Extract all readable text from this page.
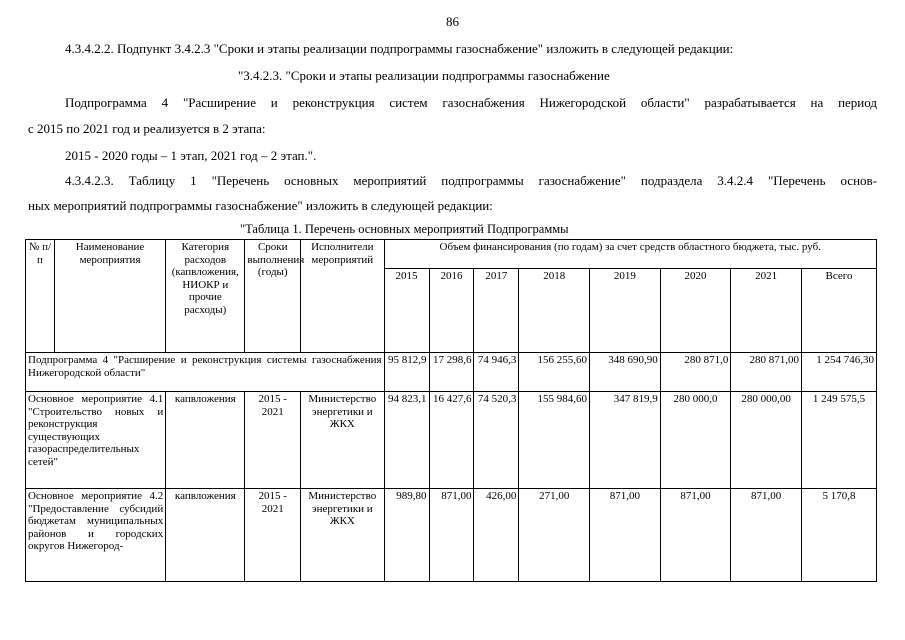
86
4.3.4.2.2. Подпункт 3.4.2.3 "Сроки и этапы реализации подпрограммы газоснабжение" изложить в следующей редакции:
"3.4.2.3. "Сроки и этапы реализации подпрограммы газоснабжение
Подпрограмма 4 "Расширение и реконструкция систем газоснабжения Нижегородской области" разрабатывается на период
с 2015 по 2021 год и реализуется в 2 этапа:
2015 - 2020 годы – 1 этап, 2021 год – 2 этап.".
4.3.4.2.3. Таблицу 1 "Перечень основных мероприятий подпрограммы газоснабжение" подраздела 3.4.2.4 "Перечень основ-
ных мероприятий подпрограммы газоснабжение" изложить в следующей редакции:
"Таблица 1. Перечень основных мероприятий Подпрограммы
№ п/п	Наименование мероприятия	Категория расходов (капвложения, НИОКР и прочие расходы)	Сроки выполнения (годы)	Исполнители мероприятий	Объем финансирования (по годам) за счет средств областного бюджета, тыс. руб.							
					2015	2016	2017	2018	2019	2020	2021	Всего
Подпрограмма 4 "Расширение и реконструкция системы газоснабжения Нижегородской области"					95 812,9	17 298,6	74 946,3	156 255,60	348 690,90	280 871,0	280 871,00	1 254 746,30
Основное мероприятие 4.1 "Строительство новых и реконструкция существующих газораспределительных сетей"		капвложения	2015 - 2021	Министерство энергетики и ЖКХ	94 823,1	16 427,6	74 520,3	155 984,60	347 819,9	280 000,0	280 000,00	1 249 575,5
Основное мероприятие 4.2 "Предоставление субсидий бюджетам муниципальных районов и городских округов Нижегород-		капвложения	2015 - 2021	Министерство энергетики и ЖКХ	989,80	871,00	426,00	271,00	871,00	871,00	871,00	5 170,8
